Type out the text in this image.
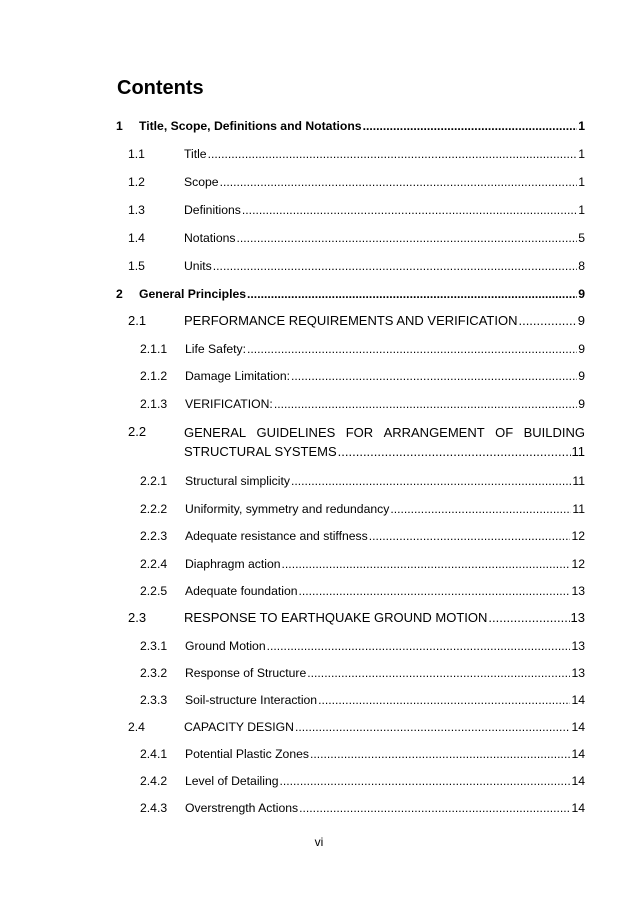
Contents
1 Title, Scope, Definitions and Notations .....	1
1.1	Title .....	1
1.2	Scope .....	1
1.3	Definitions .....	1
1.4	Notations .....	5
1.5	Units .....	8
2 General Principles .....	9
2.1	PERFORMANCE REQUIREMENTS AND VERIFICATION .....	9
2.1.1 Life Safety: .....	9
2.1.2 Damage Limitation: .....	9
2.1.3 VERIFICATION: .....	9
2.2	GENERAL GUIDELINES FOR ARRANGEMENT OF BUILDING
STRUCTURAL SYSTEMS .....	11
2.2.1 Structural simplicity .....	11
2.2.2 Uniformity, symmetry and redundancy .....	11
2.2.3 Adequate resistance and stiffness .....	12
2.2.4 Diaphragm action .....	12
2.2.5 Adequate foundation .....	13
2.3	RESPONSE TO EARTHQUAKE GROUND MOTION .....	13
2.3.1 Ground Motion .....	13
2.3.2 Response of Structure .....	13
2.3.3 Soil-structure Interaction .....	14
2.4	CAPACITY DESIGN .....	14
2.4.1 Potential Plastic Zones .....	14
2.4.2 Level of Detailing .....	14
2.4.3 Overstrength Actions .....	14
vi
